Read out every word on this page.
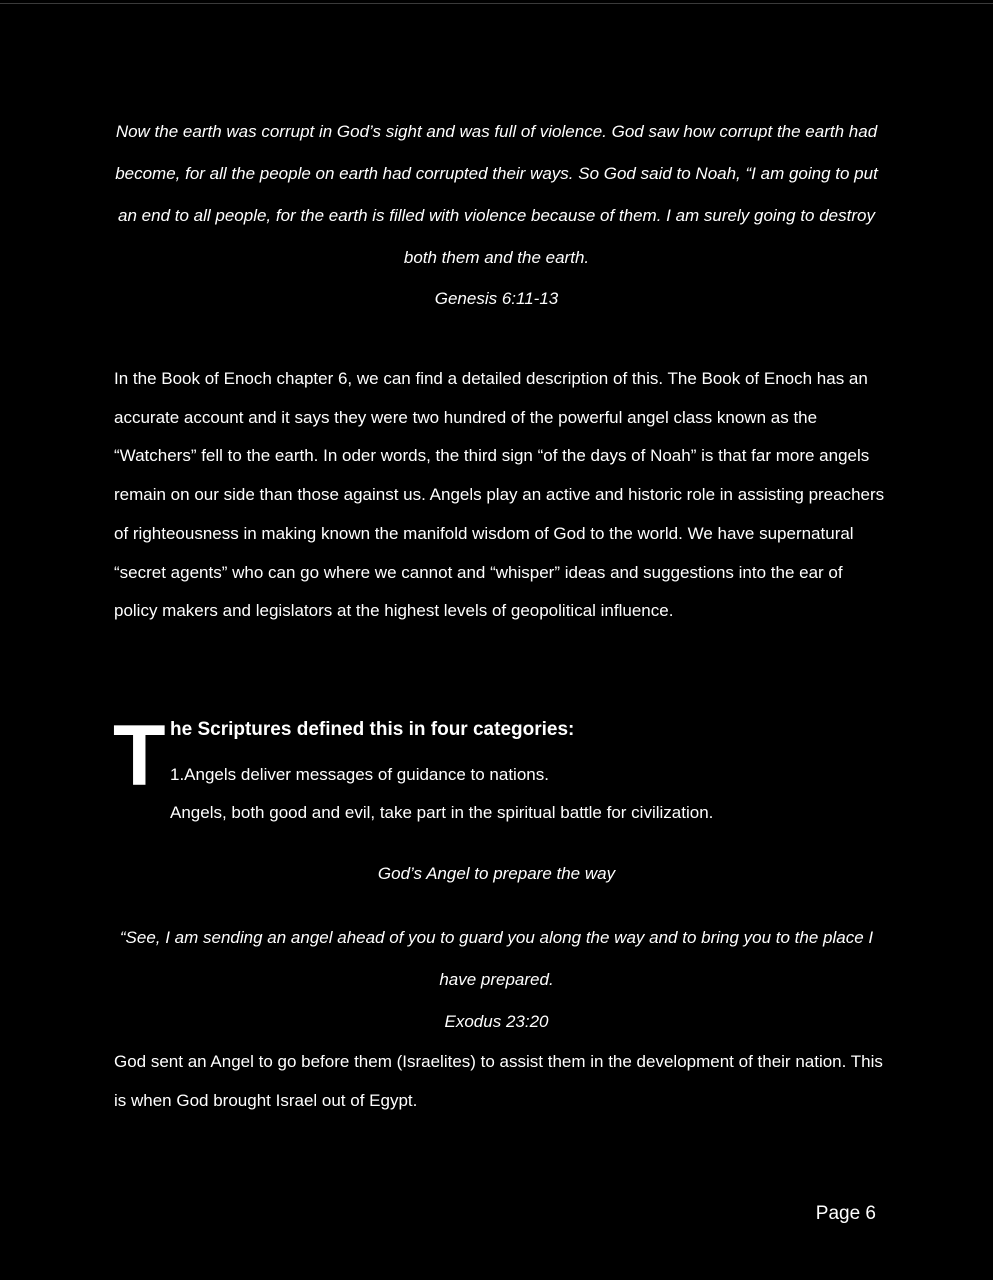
Now the earth was corrupt in God’s sight and was full of violence. God saw how corrupt the earth had become, for all the people on earth had corrupted their ways. So God said to Noah, “I am going to put an end to all people, for the earth is filled with violence because of them. I am surely going to destroy both them and the earth.
Genesis 6:11-13
In the Book of Enoch chapter 6, we can find a detailed description of this. The Book of Enoch has an accurate account and it says they were two hundred of the powerful angel class known as the “Watchers” fell to the earth. In oder words, the third sign “of the days of Noah” is that far more angels remain on our side than those against us. Angels play an active and historic role in assisting preachers of righteousness in making known the manifold wisdom of God to the world. We have supernatural “secret agents” who can go where we cannot and “whisper” ideas and suggestions into the ear of policy makers and legislators at the highest levels of geopolitical influence.
T he Scriptures defined this in four categories:
1.Angels deliver messages of guidance to nations.
Angels, both good and evil, take part in the spiritual battle for civilization.
God’s Angel to prepare the way
“See, I am sending an angel ahead of you to guard you along the way and to bring you to the place I have prepared.
Exodus 23:20
God sent an Angel to go before them (Israelites) to assist them in the development of their nation. This is when God brought Israel out of Egypt.
Page 6
